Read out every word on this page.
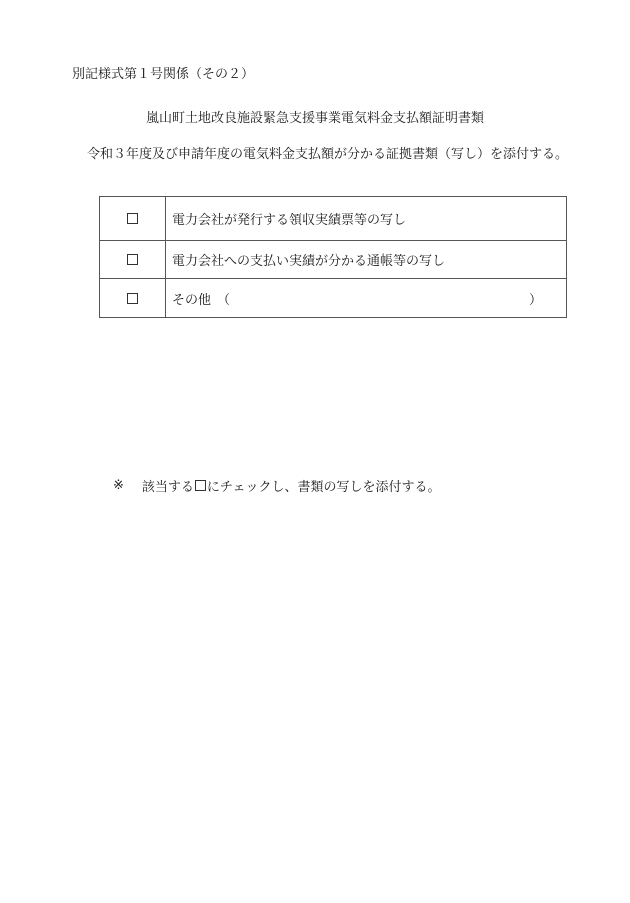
別記様式第１号関係（その２）
嵐山町土地改良施設緊急支援事業電気料金支払額証明書類
令和３年度及び申請年度の電気料金支払額が分かる証拠書類（写し）を添付する。
	電力会社が発行する領収実績票等の写し
	電力会社への支払い実績が分かる通帳等の写し

	その他 （ ）
※ 該当する にチェックし、書類の写しを添付する。
